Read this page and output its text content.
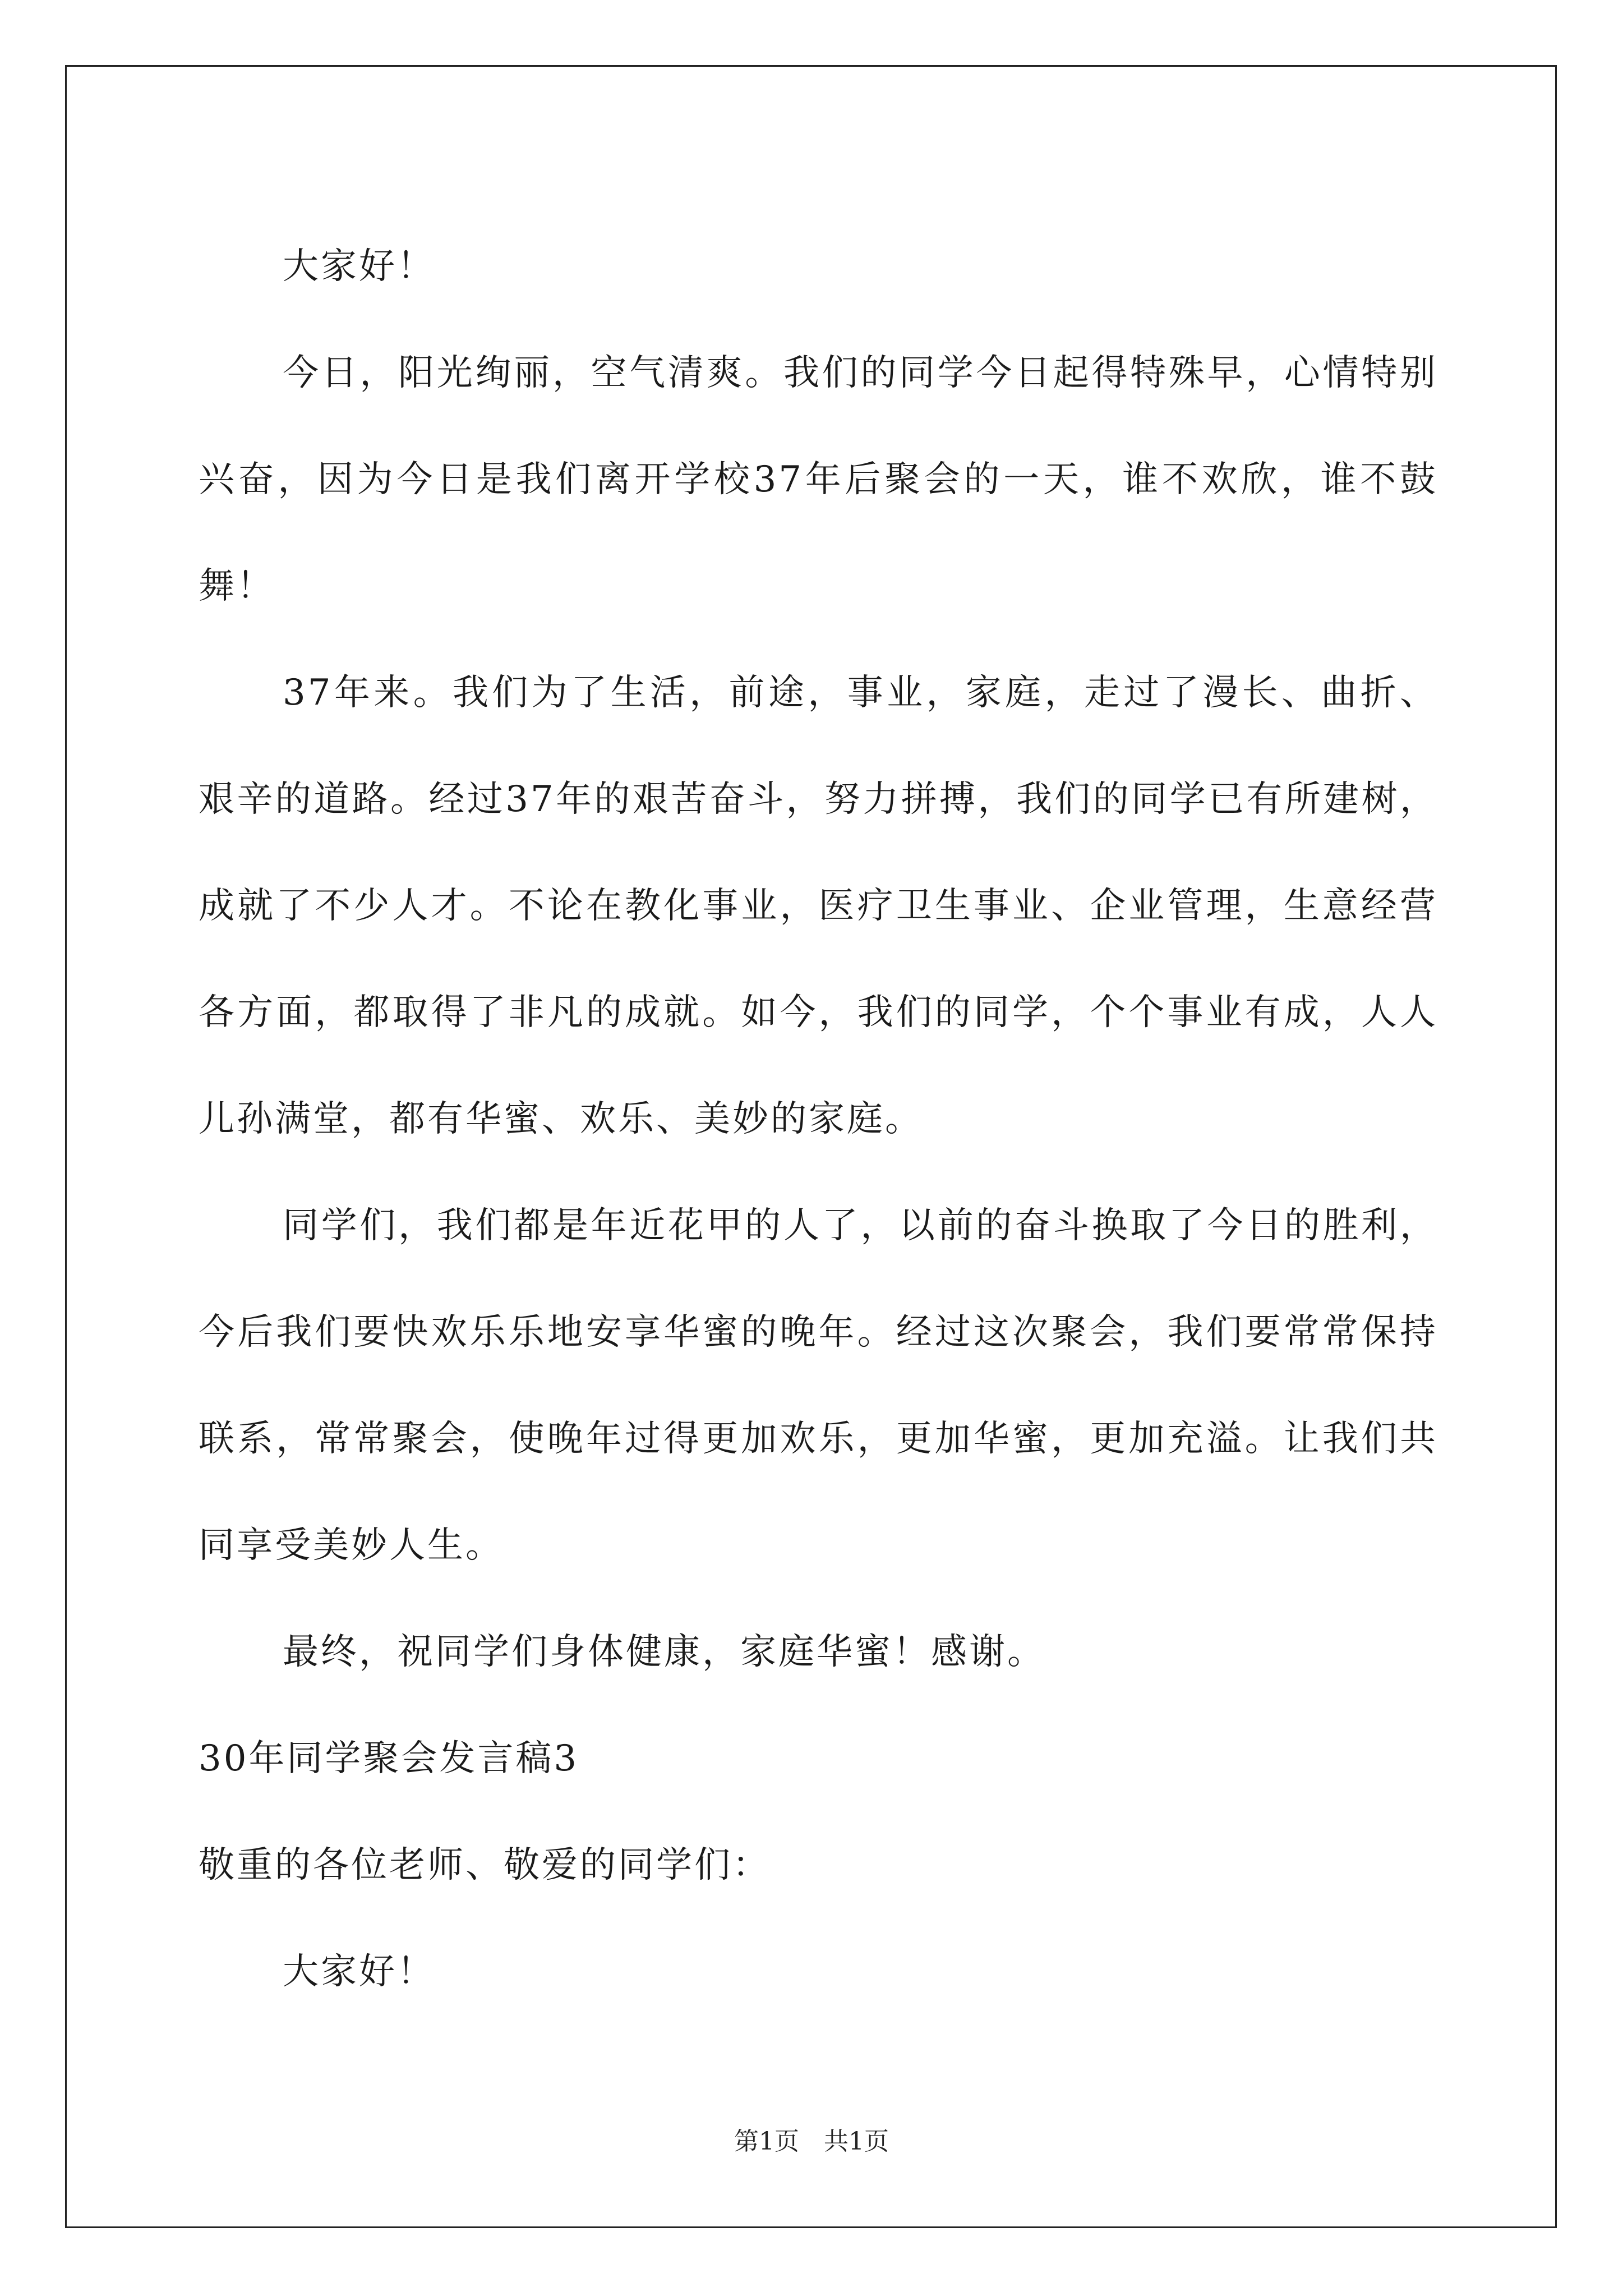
大家好！

今日，阳光绚丽，空气清爽。我们的同学今日起得特殊早，心情特别兴奋，因为今日是我们离开学校37年后聚会的一天，谁不欢欣，谁不鼓舞！

37年来。我们为了生活，前途，事业，家庭，走过了漫长、曲折、艰辛的道路。经过37年的艰苦奋斗，努力拼搏，我们的同学已有所建树，成就了不少人才。不论在教化事业，医疗卫生事业、企业管理，生意经营各方面，都取得了非凡的成就。如今，我们的同学，个个事业有成，人人儿孙满堂，都有华蜜、欢乐、美妙的家庭。

同学们，我们都是年近花甲的人了，以前的奋斗换取了今日的胜利，今后我们要快欢乐乐地安享华蜜的晚年。经过这次聚会，我们要常常保持联系，常常聚会，使晚年过得更加欢乐，更加华蜜，更加充溢。让我们共同享受美妙人生。

最终，祝同学们身体健康，家庭华蜜！感谢。

30年同学聚会发言稿3

敬重的各位老师、敬爱的同学们：

大家好！

第1页　共1页
